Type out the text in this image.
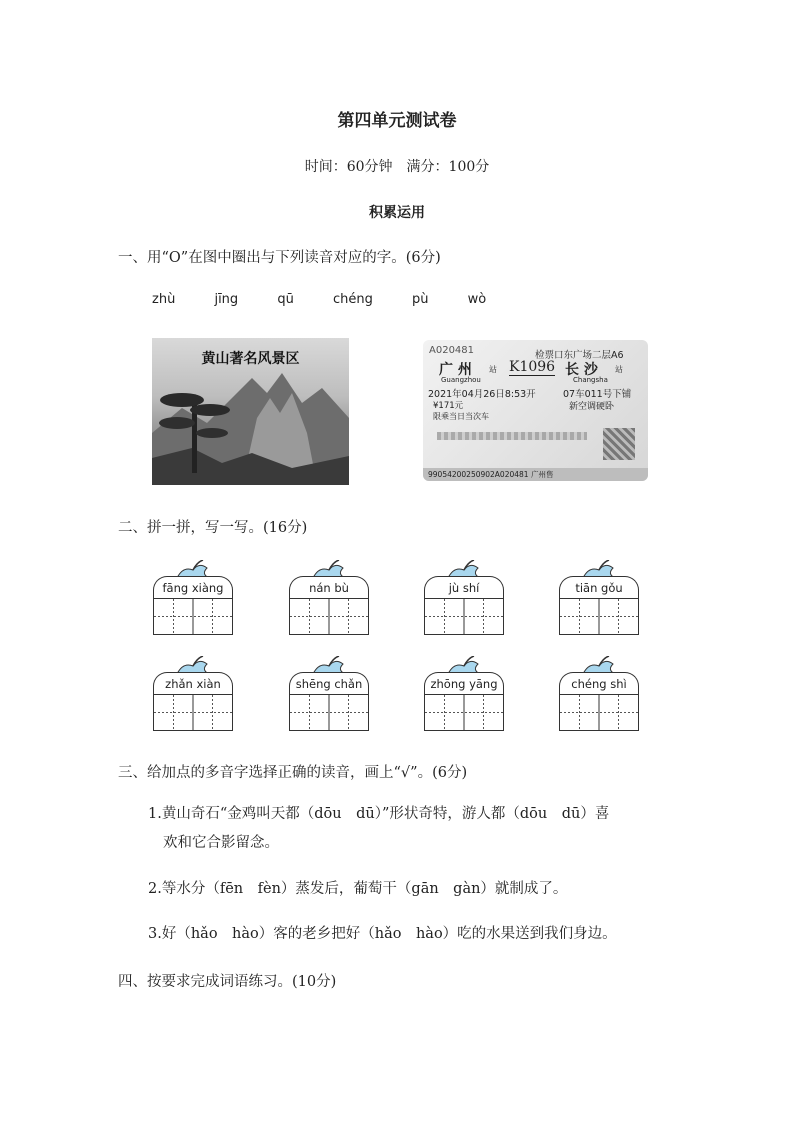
第四单元测试卷
时间：60分钟　满分：100分
积累运用
一、用“O”在图中圈出与下列读音对应的字。(6分)
zhù	jīng	qū	chéng	pù	wò
黄山著名风景区
A020481	检票口东广场二层A6
广 州 站 K1096 长 沙 站
Guangzhou	Changsha
2021年04月26日8:53开	07车011号下铺
¥171元	新空调硬卧
限乘当日当次车
99054200250902A020481 广州售
二、拼一拼，写一写。(16分)
fāng xiàng	nán bù	jù shí	tiān gǒu
zhǎn xiàn	shēng chǎn	zhōng yāng	chéng shì
三、给加点的多音字选择正确的读音，画上“√”。(6分)
1.黄山奇石“金鸡叫天都（dōu　dū）”形状奇特，游人都（dōu　dū）喜
欢和它合影留念。
2.等水分（fēn　fèn）蒸发后，葡萄干（gān　gàn）就制成了。
3.好（hǎo　hào）客的老乡把好（hǎo　hào）吃的水果送到我们身边。
四、按要求完成词语练习。(10分)
